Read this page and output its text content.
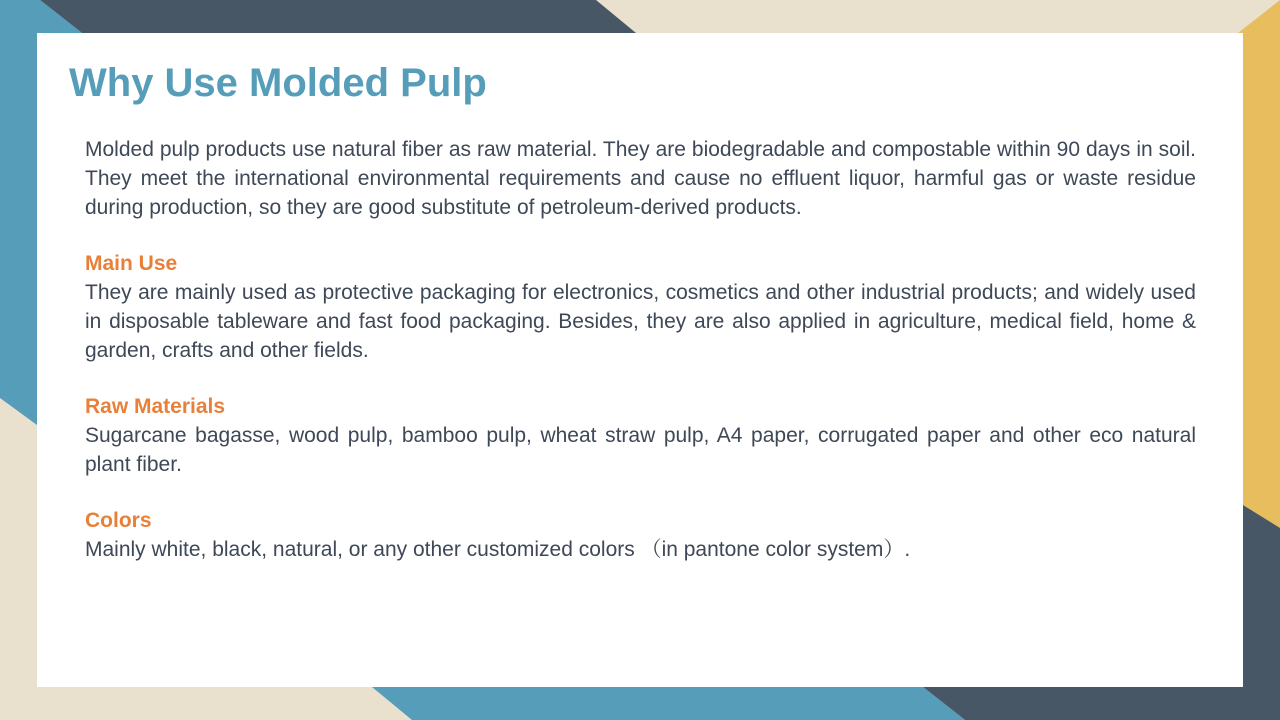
Why Use Molded Pulp

Molded pulp products use natural fiber as raw material. They are biodegradable and compostable within 90 days in soil. They meet the international environmental requirements and cause no effluent liquor, harmful gas or waste residue during production, so they are good substitute of petroleum-derived products.

Main Use

They are mainly used as protective packaging for electronics, cosmetics and other industrial products; and widely used in disposable tableware and fast food packaging. Besides, they are also applied in agriculture, medical field, home & garden, crafts and other fields.

Raw Materials

Sugarcane bagasse, wood pulp, bamboo pulp, wheat straw pulp, A4 paper, corrugated paper and other eco natural plant fiber.

Colors

Mainly white, black, natural, or any other customized colors （in pantone color system）.
